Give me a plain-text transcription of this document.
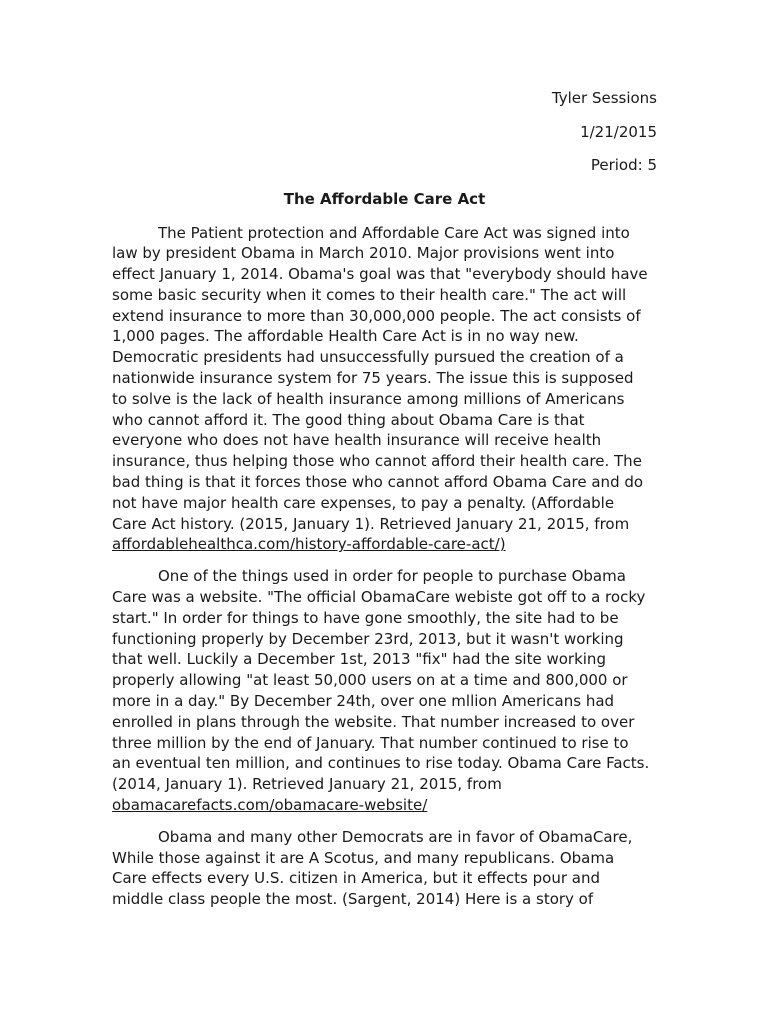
Tyler Sessions
1/21/2015
Period: 5
The Affordable Care Act
The Patient protection and Affordable Care Act was signed into
law by president Obama in March 2010. Major provisions went into
effect January 1, 2014. Obama's goal was that "everybody should have
some basic security when it comes to their health care." The act will
extend insurance to more than 30,000,000 people. The act consists of
1,000 pages. The affordable Health Care Act is in no way new.
Democratic presidents had unsuccessfully pursued the creation of a
nationwide insurance system for 75 years. The issue this is supposed
to solve is the lack of health insurance among millions of Americans
who cannot afford it. The good thing about Obama Care is that
everyone who does not have health insurance will receive health
insurance, thus helping those who cannot afford their health care. The
bad thing is that it forces those who cannot afford Obama Care and do
not have major health care expenses, to pay a penalty. (Affordable
Care Act history. (2015, January 1). Retrieved January 21, 2015, from
affordablehealthca.com/history-affordable-care-act/)
One of the things used in order for people to purchase Obama
Care was a website. "The official ObamaCare webiste got off to a rocky
start." In order for things to have gone smoothly, the site had to be
functioning properly by December 23rd, 2013, but it wasn't working
that well. Luckily a December 1st, 2013 "fix" had the site working
properly allowing "at least 50,000 users on at a time and 800,000 or
more in a day." By December 24th, over one mllion Americans had
enrolled in plans through the website. That number increased to over
three million by the end of January. That number continued to rise to
an eventual ten million, and continues to rise today. Obama Care Facts.
(2014, January 1). Retrieved January 21, 2015, from
obamacarefacts.com/obamacare-website/
Obama and many other Democrats are in favor of ObamaCare,
While those against it are A Scotus, and many republicans. Obama
Care effects every U.S. citizen in America, but it effects pour and
middle class people the most. (Sargent, 2014) Here is a story of
